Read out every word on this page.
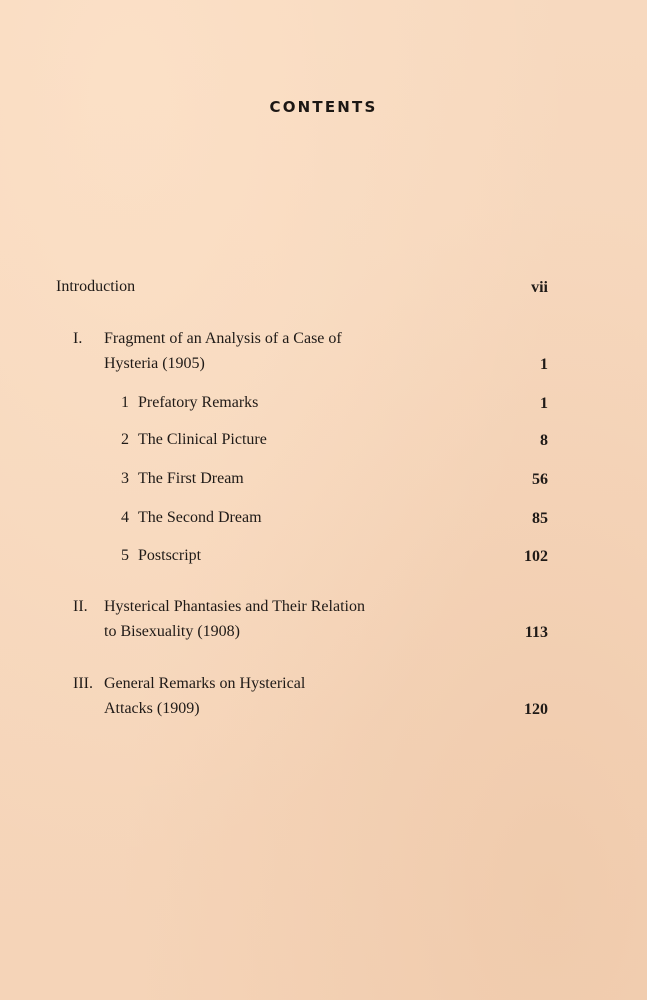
CONTENTS
Introduction	vii
I. Fragment of an Analysis of a Case of
Hysteria (1905)	1
1 Prefatory Remarks	1
2 The Clinical Picture	8
3 The First Dream	56
4 The Second Dream	85
5 Postscript	102
II. Hysterical Phantasies and Their Relation
to Bisexuality (1908)	113
III. General Remarks on Hysterical
Attacks (1909)	120
